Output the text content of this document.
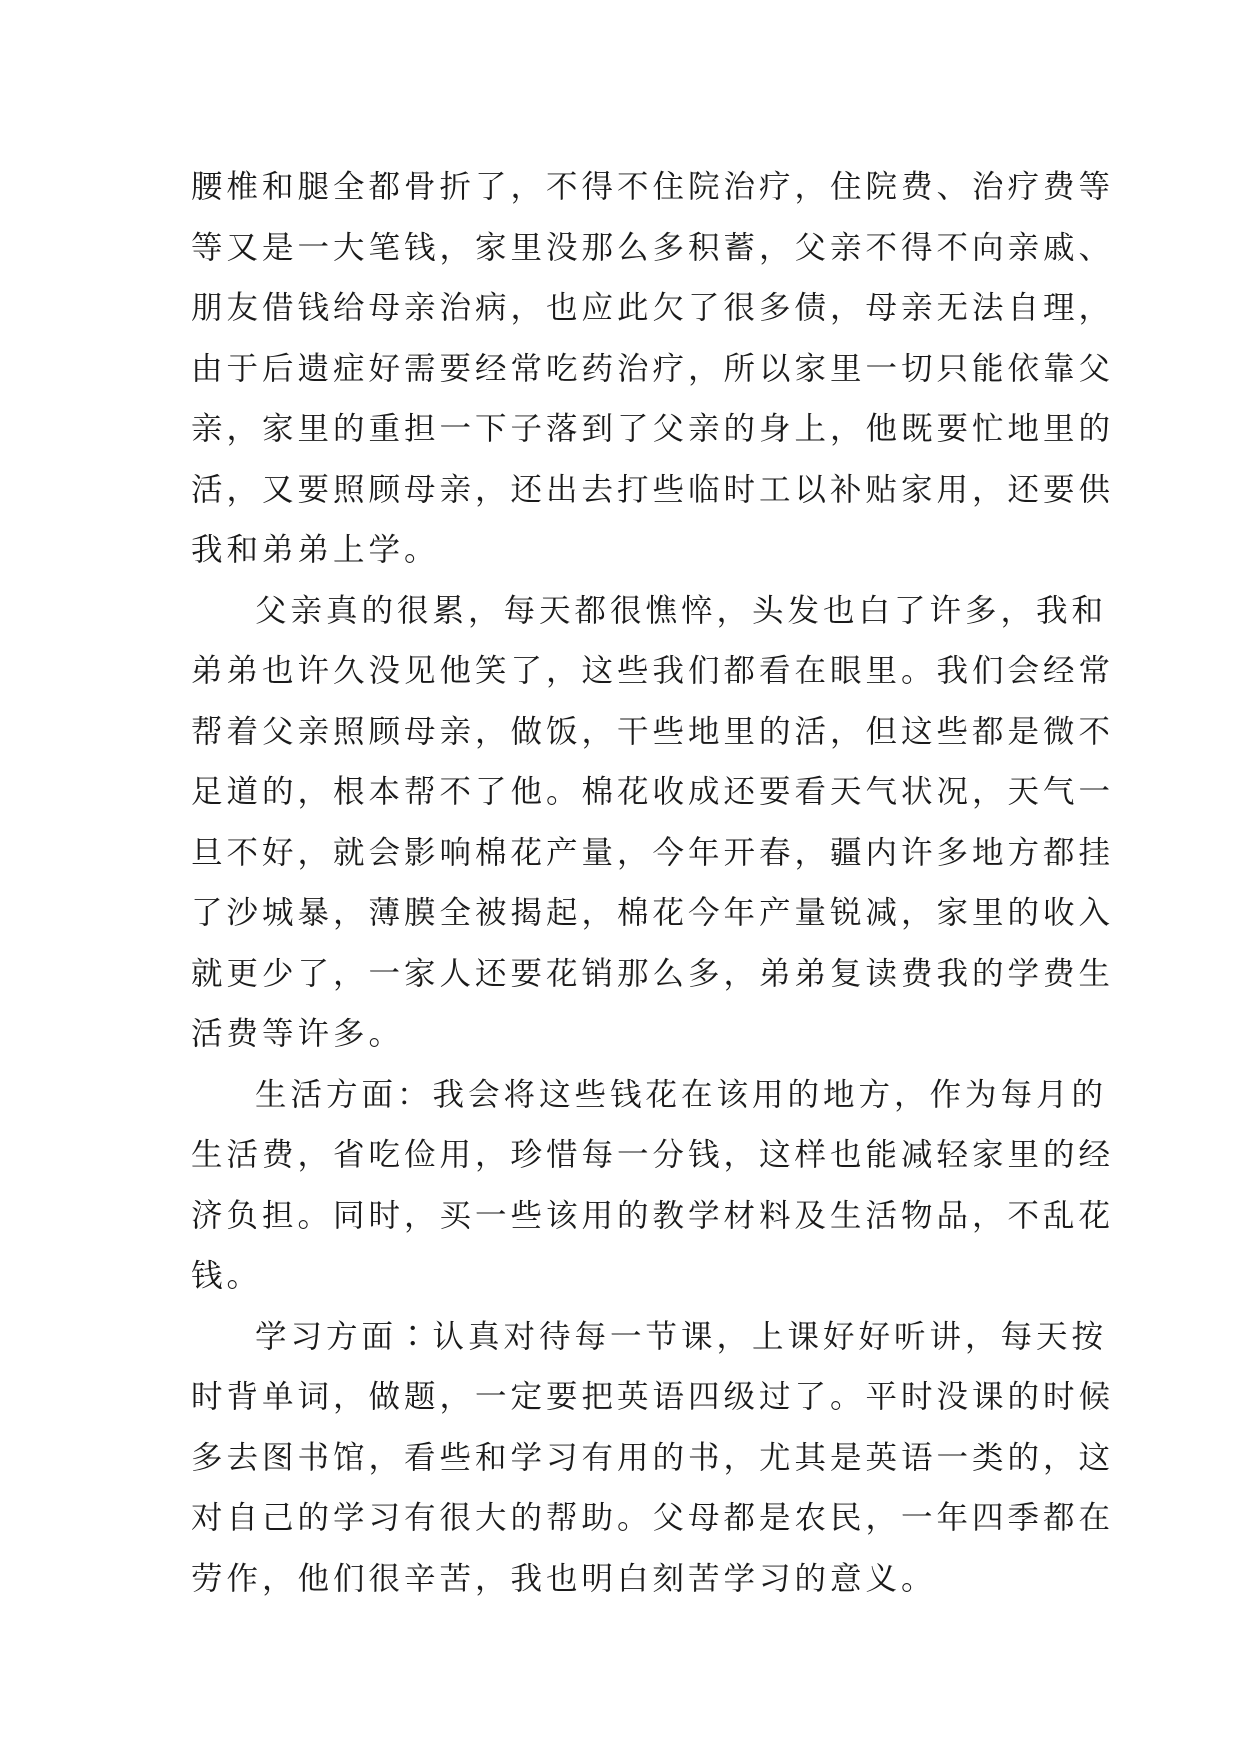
腰椎和腿全都骨折了，不得不住院治疗，住院费、治疗费等
等又是一大笔钱，家里没那么多积蓄，父亲不得不向亲戚、
朋友借钱给母亲治病，也应此欠了很多债，母亲无法自理，
由于后遗症好需要经常吃药治疗，所以家里一切只能依靠父
亲，家里的重担一下子落到了父亲的身上，他既要忙地里的
活，又要照顾母亲，还出去打些临时工以补贴家用，还要供
我和弟弟上学。
父亲真的很累，每天都很憔悴，头发也白了许多，我和
弟弟也许久没见他笑了，这些我们都看在眼里。我们会经常
帮着父亲照顾母亲，做饭，干些地里的活，但这些都是微不
足道的，根本帮不了他。棉花收成还要看天气状况，天气一
旦不好，就会影响棉花产量，今年开春，疆内许多地方都挂
了沙城暴，薄膜全被揭起，棉花今年产量锐减，家里的收入
就更少了，一家人还要花销那么多，弟弟复读费我的学费生
活费等许多。
生活方面：我会将这些钱花在该用的地方，作为每月的
生活费，省吃俭用，珍惜每一分钱，这样也能减轻家里的经
济负担。同时，买一些该用的教学材料及生活物品，不乱花
钱。
学习方面∶认真对待每一节课，上课好好听讲，每天按
时背单词，做题，一定要把英语四级过了。平时没课的时候
多去图书馆，看些和学习有用的书，尤其是英语一类的，这
对自己的学习有很大的帮助。父母都是农民，一年四季都在
劳作，他们很辛苦，我也明白刻苦学习的意义。
